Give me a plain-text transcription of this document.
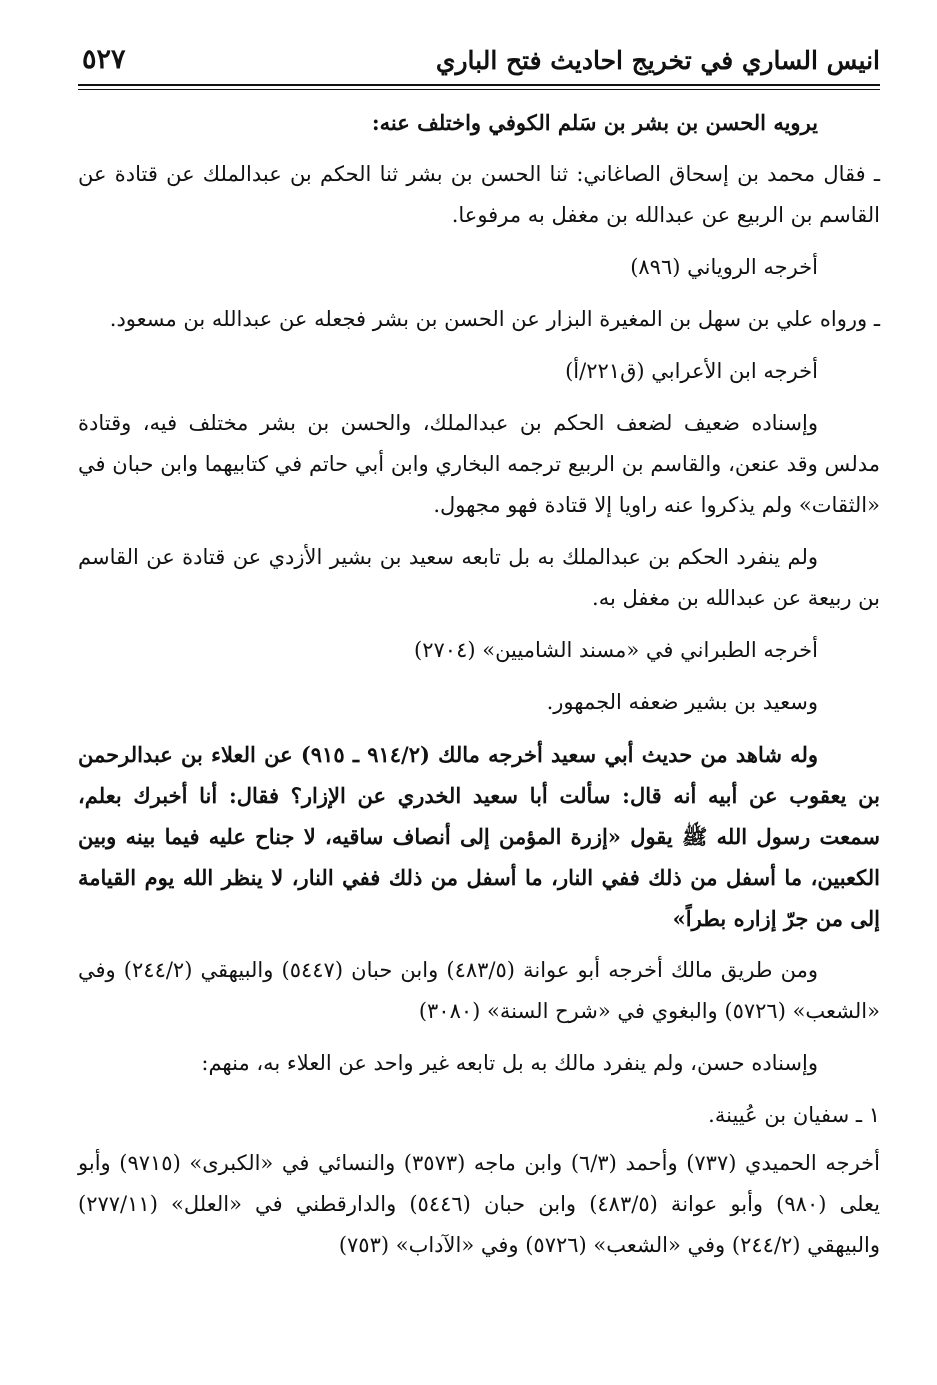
انيس الساري في تخريج احاديث فتح الباري
٥٢٧

يرويه الحسن بن بشر بن سَلم الكوفي واختلف عنه:

ـ فقال محمد بن إسحاق الصاغاني: ثنا الحسن بن بشر ثنا الحكم بن عبدالملك عن قتادة عن القاسم بن الربيع عن عبدالله بن مغفل به مرفوعا.

أخرجه الروياني (٨٩٦)

ـ ورواه علي بن سهل بن المغيرة البزار عن الحسن بن بشر فجعله عن عبدالله بن مسعود.

أخرجه ابن الأعرابي (ق٢٢١/أ)

وإسناده ضعيف لضعف الحكم بن عبدالملك، والحسن بن بشر مختلف فيه، وقتادة مدلس وقد عنعن، والقاسم بن الربيع ترجمه البخاري وابن أبي حاتم في كتابيهما وابن حبان في «الثقات» ولم يذكروا عنه راويا إلا قتادة فهو مجهول.

ولم ينفرد الحكم بن عبدالملك به بل تابعه سعيد بن بشير الأزدي عن قتادة عن القاسم بن ربيعة عن عبدالله بن مغفل به.

أخرجه الطبراني في «مسند الشاميين» (٢٧٠٤)

وسعيد بن بشير ضعفه الجمهور.

وله شاهد من حديث أبي سعيد أخرجه مالك (٩١٤/٢ ـ ٩١٥) عن العلاء بن عبدالرحمن بن يعقوب عن أبيه أنه قال: سألت أبا سعيد الخدري عن الإزار؟ فقال: أنا أخبرك بعلم، سمعت رسول الله ﷺ يقول «إزرة المؤمن إلى أنصاف ساقيه، لا جناح عليه فيما بينه وبين الكعبين، ما أسفل من ذلك ففي النار، ما أسفل من ذلك ففي النار، لا ينظر الله يوم القيامة إلى من جرّ إزاره بطراً»

ومن طريق مالك أخرجه أبو عوانة (٤٨٣/٥) وابن حبان (٥٤٤٧) والبيهقي (٢٤٤/٢) وفي «الشعب» (٥٧٢٦) والبغوي في «شرح السنة» (٣٠٨٠)

وإسناده حسن، ولم ينفرد مالك به بل تابعه غير واحد عن العلاء به، منهم:

١ ـ سفيان بن عُيينة.

أخرجه الحميدي (٧٣٧) وأحمد (٦/٣) وابن ماجه (٣٥٧٣) والنسائي في «الكبرى» (٩٧١٥) وأبو يعلى (٩٨٠) وأبو عوانة (٤٨٣/٥) وابن حبان (٥٤٤٦) والدارقطني في «العلل» (٢٧٧/١١) والبيهقي (٢٤٤/٢) وفي «الشعب» (٥٧٢٦) وفي «الآداب» (٧٥٣)
